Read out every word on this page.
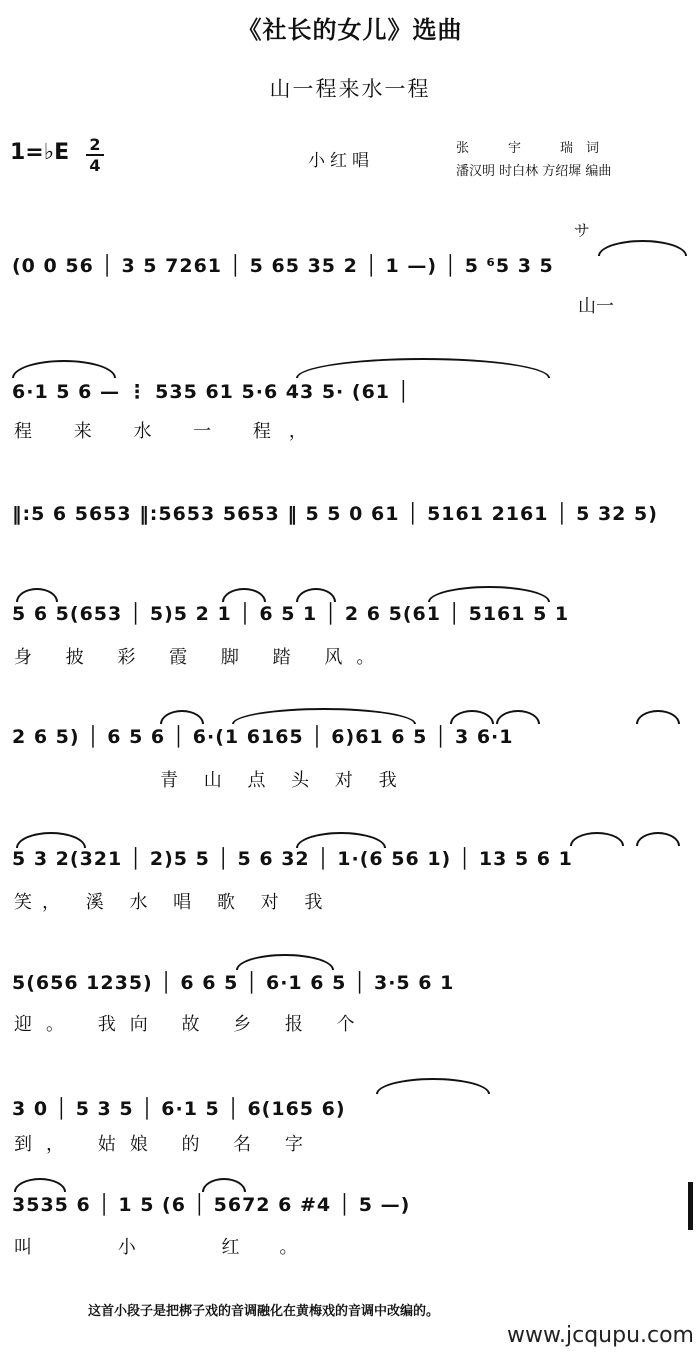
《社长的女儿》选曲
山一程来水一程
1=♭E 2
4	小红唱
张　　　宇　　　瑞　词
潘汉明 时白林 方绍墀 编曲
(0 0 56 │ 3 5 7261 │ 5 65 35 2 │ 1 —) │ 5 ⁶5 3 5
山一
サ
6·1 5 6 — ⋮ 535 61 5·6 43 5· (61 │
程 来 水 一 程，
‖:5 6 5653 ‖:5653 5653 ‖ 5 5 0 61 │ 5161 2161 │ 5 32 5)
5 6 5(653 │ 5)5 2 1 │ 6 5 1 │ 2 6 5(61 │ 5161 5 1
身 披 彩 霞 脚 踏 风。
2 6 5) │ 6 5 6 │ 6·(1 6165 │ 6)61 6 5 │ 3 6·1
青 山 点 头 对 我
5 3 2(321 │ 2)5 5 │ 5 6 32 │ 1·(6 56 1) │ 13 5 6 1
笑， 溪 水 唱 歌 对 我
5(656 1235) │ 6 6 5 │ 6·1 6 5 │ 3·5 6 1
迎。 我向 故 乡 报 个
3 0 │ 5 3 5 │ 6·1 5 │ 6(165 6)
到， 姑娘 的 名 字
3535 6 │ 1 5 (6 │ 5672 6 #4 │ 5 —)
叫 小 红。
这首小段子是把梆子戏的音调融化在黄梅戏的音调中改编的。
www.jcqupu.com
